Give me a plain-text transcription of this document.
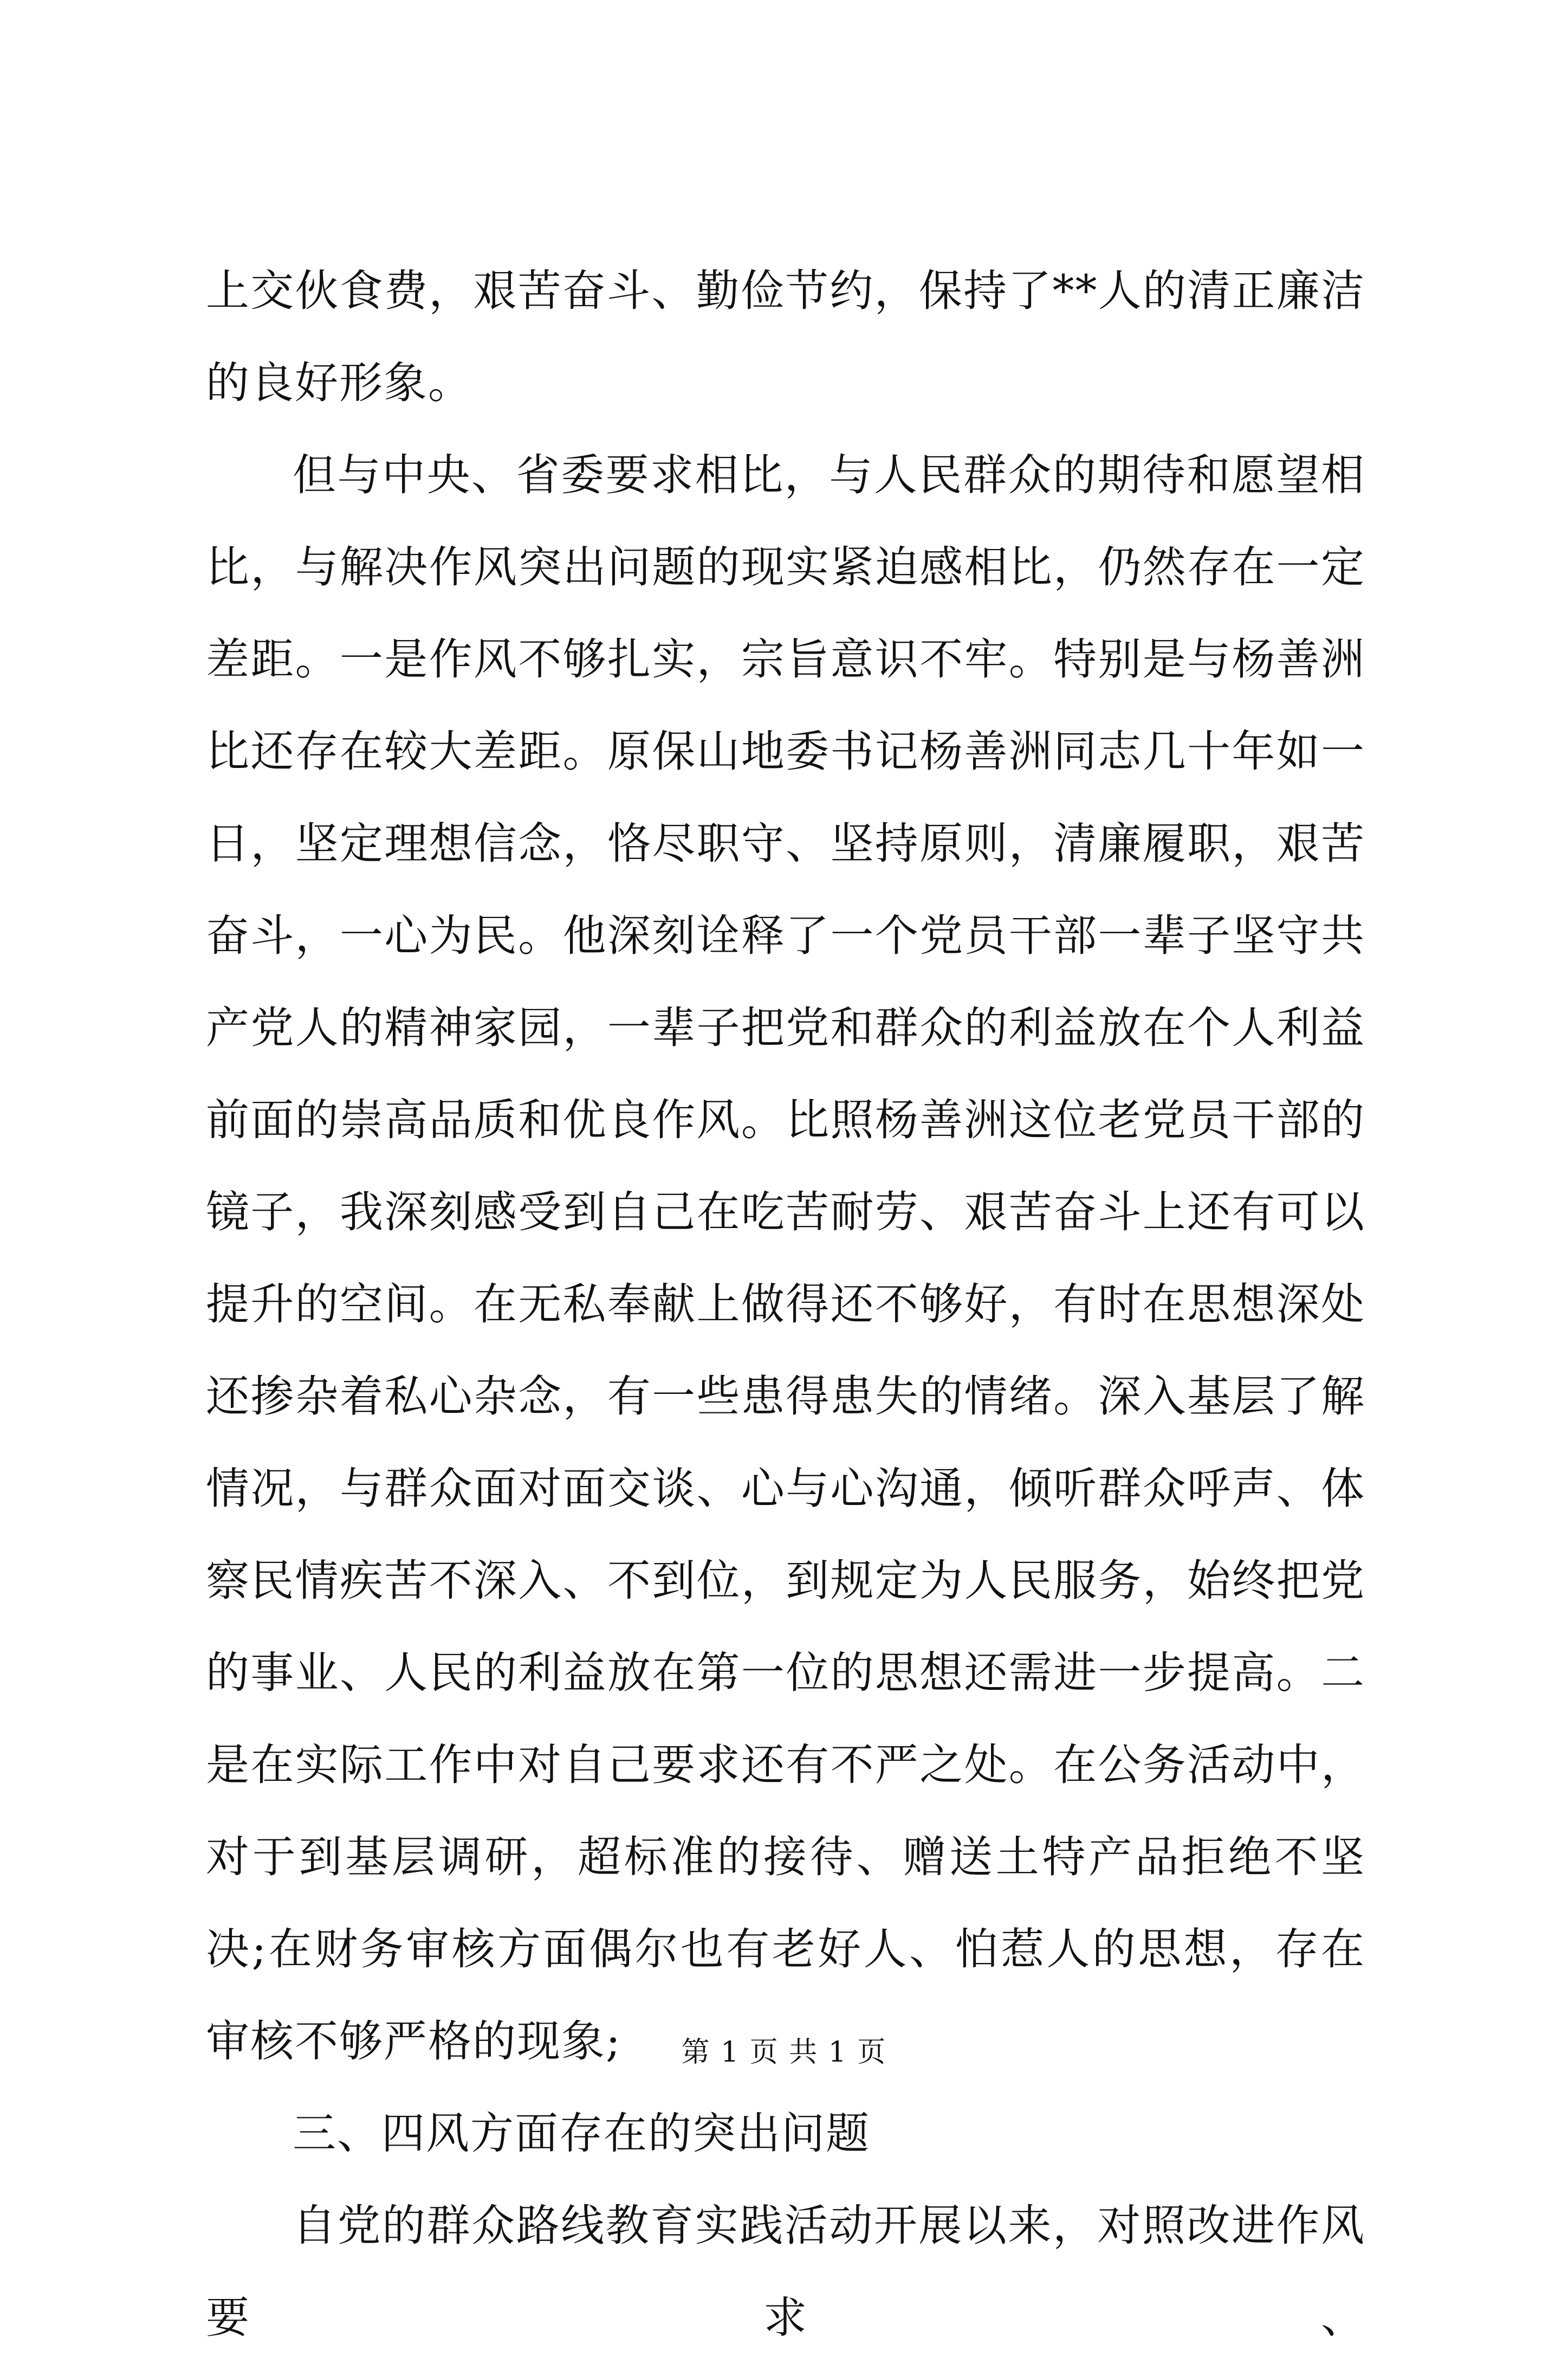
上交伙食费，艰苦奋斗、勤俭节约，保持了**人的清正廉洁的良好形象。

但与中央、省委要求相比，与人民群众的期待和愿望相比，与解决作风突出问题的现实紧迫感相比，仍然存在一定差距。一是作风不够扎实，宗旨意识不牢。特别是与杨善洲比还存在较大差距。原保山地委书记杨善洲同志几十年如一日，坚定理想信念，恪尽职守、坚持原则，清廉履职，艰苦奋斗，一心为民。他深刻诠释了一个党员干部一辈子坚守共产党人的精神家园，一辈子把党和群众的利益放在个人利益前面的崇高品质和优良作风。比照杨善洲这位老党员干部的镜子，我深刻感受到自己在吃苦耐劳、艰苦奋斗上还有可以提升的空间。在无私奉献上做得还不够好，有时在思想深处还掺杂着私心杂念，有一些患得患失的情绪。深入基层了解情况，与群众面对面交谈、心与心沟通，倾听群众呼声、体察民情疾苦不深入、不到位，到规定为人民服务，始终把党的事业、人民的利益放在第一位的思想还需进一步提高。二是在实际工作中对自己要求还有不严之处。在公务活动中，对于到基层调研，超标准的接待、赠送土特产品拒绝不坚决;在财务审核方面偶尔也有老好人、怕惹人的思想，存在审核不够严格的现象;

三、四风方面存在的突出问题

自党的群众路线教育实践活动开展以来，对照改进作风要求、

第 1 页 共 1 页
